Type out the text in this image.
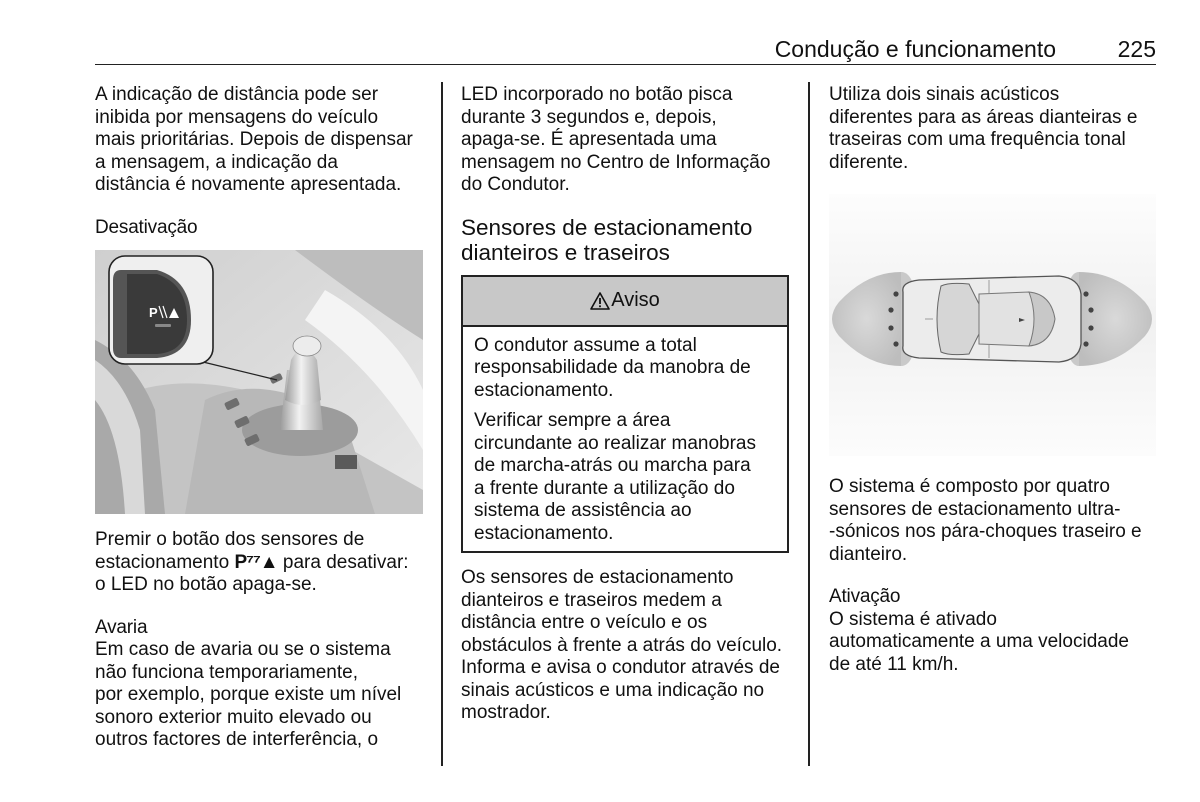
Condução e funcionamento	225

A indicação de distância pode ser
inibida por mensagens do veículo
mais prioritárias. Depois de dispensar
a mensagem, a indicação da
distância é novamente apresentada.

Desativação
P

Premir o botão dos sensores de
estacionamento P⁷⁷▲ para desativar:
o LED no botão apaga-se.

Avaria

Em caso de avaria ou se o sistema
não funciona temporariamente,
por exemplo, porque existe um nível
sonoro exterior muito elevado ou
outros factores de interferência, o

LED incorporado no botão pisca
durante 3 segundos e, depois,
apaga-se. É apresentada uma
mensagem no Centro de Informação
do Condutor.

Sensores de estacionamento
dianteiros e traseiros
Aviso

O condutor assume a total
responsabilidade da manobra de
estacionamento.

Verificar sempre a área
circundante ao realizar manobras
de marcha-atrás ou marcha para
a frente durante a utilização do
sistema de assistência ao
estacionamento.

Os sensores de estacionamento
dianteiros e traseiros medem a
distância entre o veículo e os
obstáculos à frente a atrás do veículo.
Informa e avisa o condutor através de
sinais acústicos e uma indicação no
mostrador.

Utiliza dois sinais acústicos
diferentes para as áreas dianteiras e
traseiras com uma frequência tonal
diferente.

O sistema é composto por quatro
sensores de estacionamento ultra-
-sónicos nos pára-choques traseiro e
dianteiro.

Ativação

O sistema é ativado
automaticamente a uma velocidade
de até 11 km/h.
